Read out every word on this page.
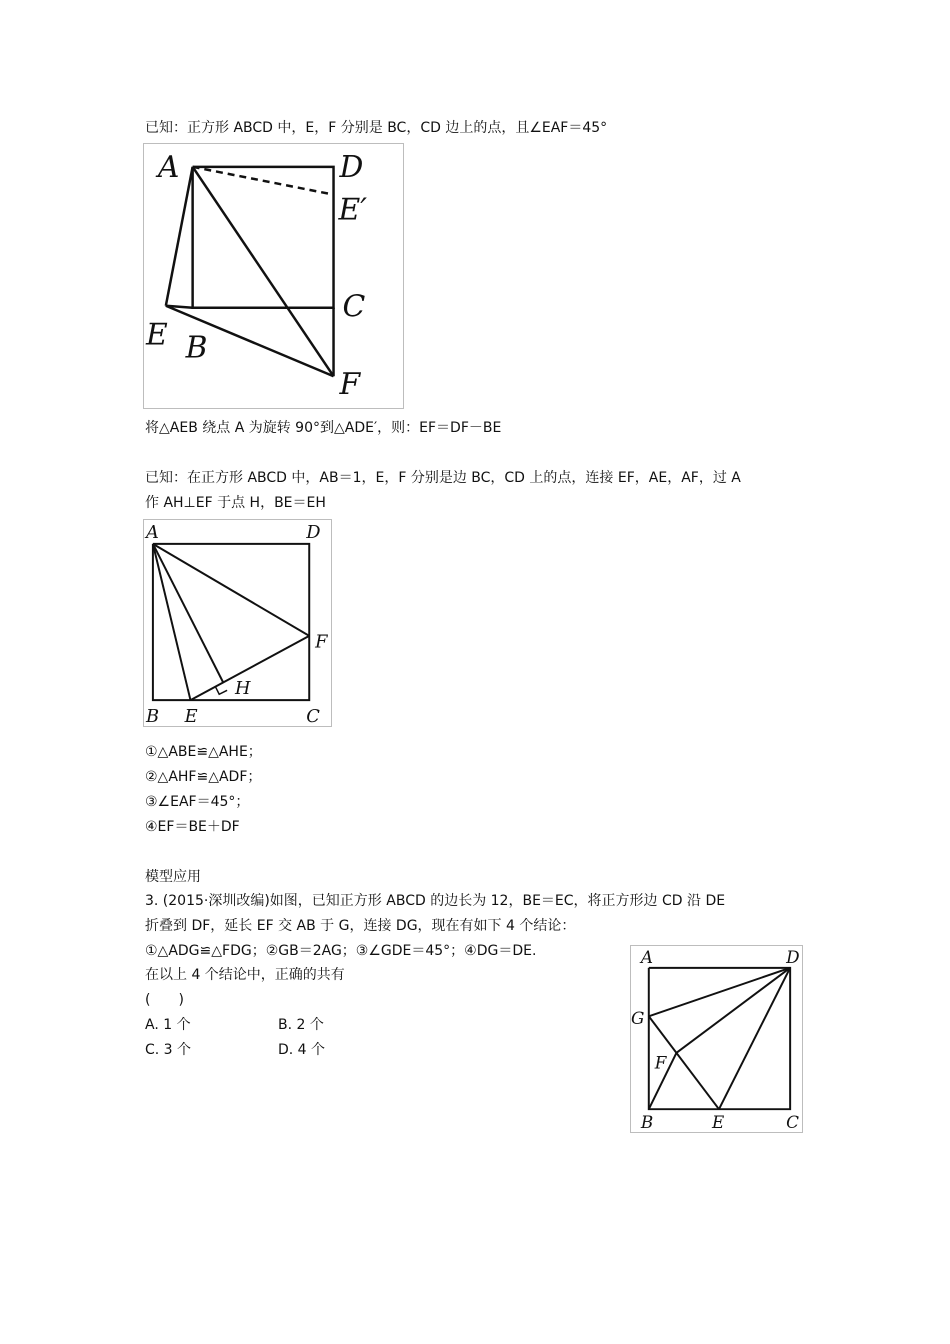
已知：正方形 ABCD 中，E，F 分别是 BC，CD 边上的点，且∠EAF＝45°
A	D
E′
C
E B
F
将△AEB 绕点 A 为旋转 90°到△ADE′，则：EF＝DF－BE
已知：在正方形 ABCD 中，AB＝1，E，F 分别是边 BC，CD 上的点，连接 EF，AE，AF，过 A
作 AH⊥EF 于点 H，BE＝EH
A	D
F
H
B E	C
①△ABE≌△AHE；
②△AHF≌△ADF；
③∠EAF＝45°；
④EF＝BE＋DF
模型应用
3. (2015·深圳改编)如图，已知正方形 ABCD 的边长为 12，BE＝EC，将正方形边 CD 沿 DE
折叠到 DF，延长 EF 交 AB 于 G，连接 DG，现在有如下 4 个结论：
①△ADG≌△FDG；②GB＝2AG；③∠GDE＝45°；④DG＝DE.
在以上 4 个结论中，正确的共有
(　　)
A. 1 个	B. 2 个
C. 3 个	D. 4 个
A	D
G
F
B	E	C
